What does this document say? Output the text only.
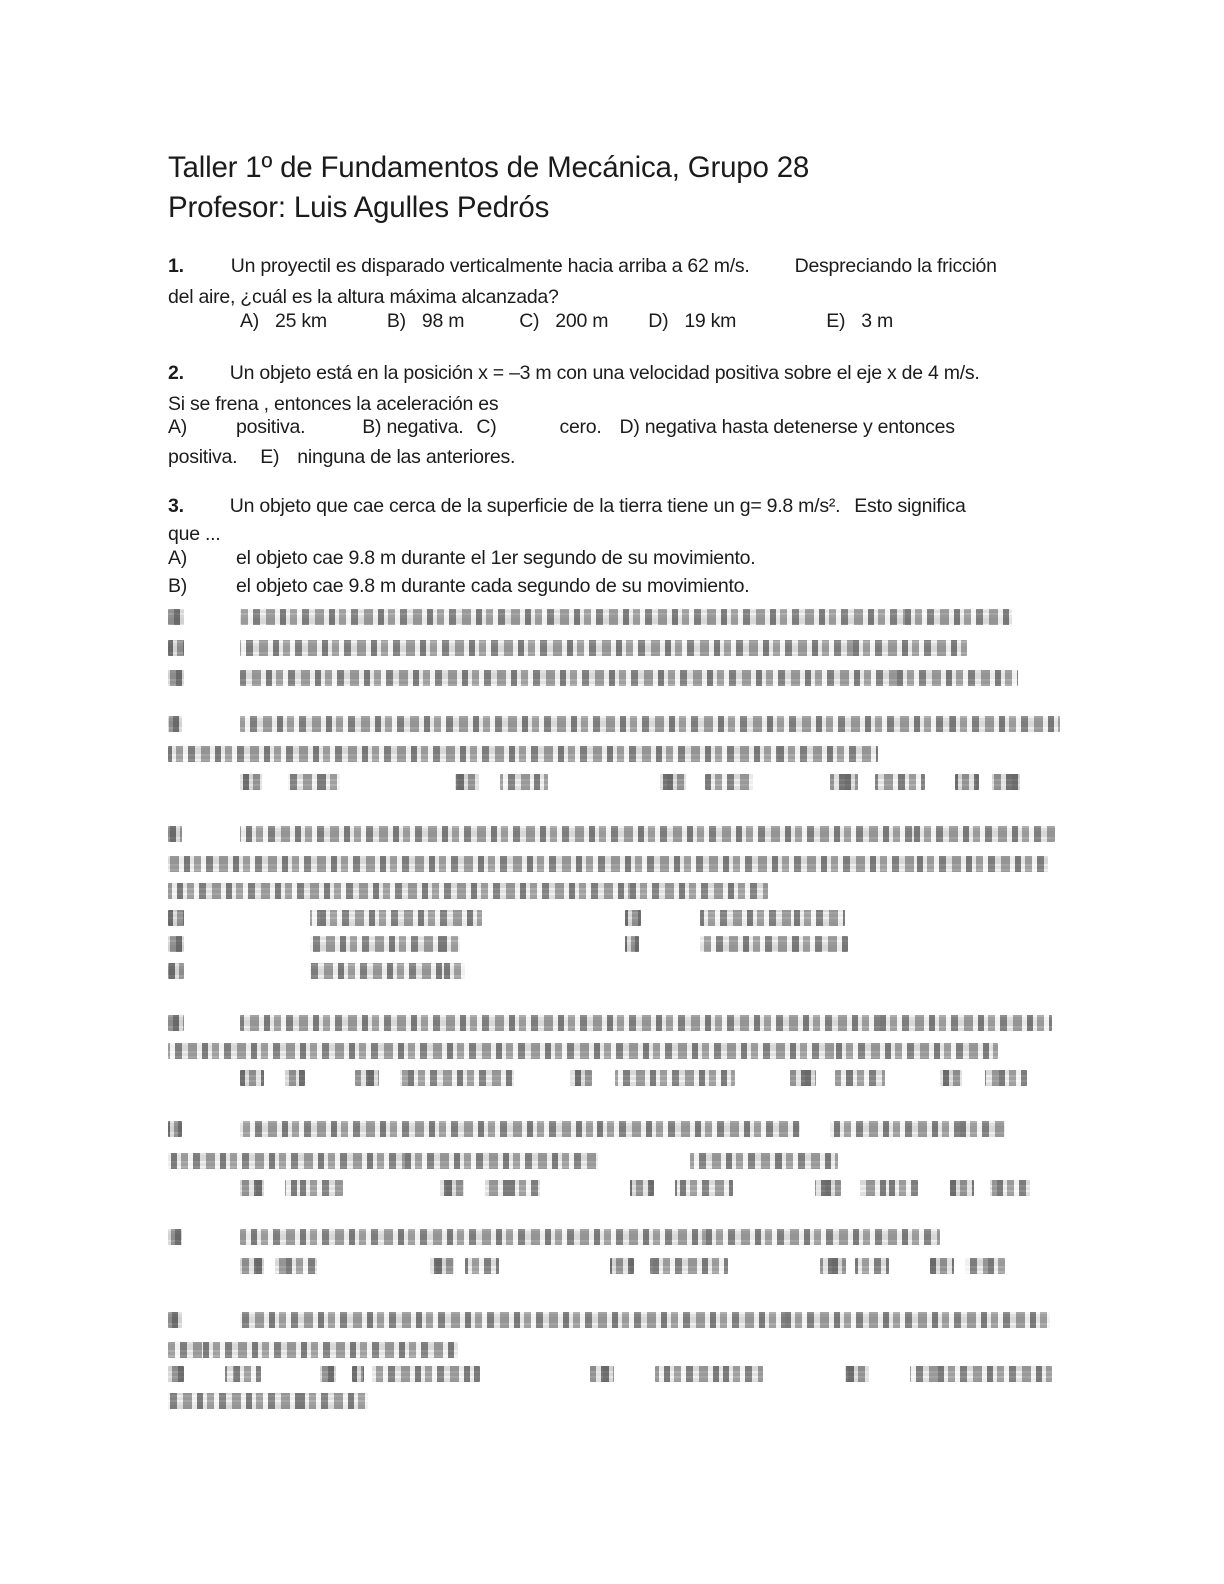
Taller 1º de Fundamentos de Mecánica, Grupo 28
Profesor: Luis Agulles Pedrós
1. Un proyectil es disparado verticalmente hacia arriba a 62 m/s. Despreciando la fricción
del aire, ¿cuál es la altura máxima alcanzada?
A) 25 km	B) 98 m	C) 200 m D) 19 km	E) 3 m
2. Un objeto está en la posición x = –3 m con una velocidad positiva sobre el eje x de 4 m/s.
Si se frena , entonces la aceleración es
A)	positiva.	B) negativa. C)	cero. D) negativa hasta detenerse y entonces
positiva. E) ninguna de las anteriores.
3. Un objeto que cae cerca de la superficie de la tierra tiene un g= 9.8 m/s². Esto significa
que ...
A)	el objeto cae 9.8 m durante el 1er segundo de su movimiento.
B)	el objeto cae 9.8 m durante cada segundo de su movimiento.
